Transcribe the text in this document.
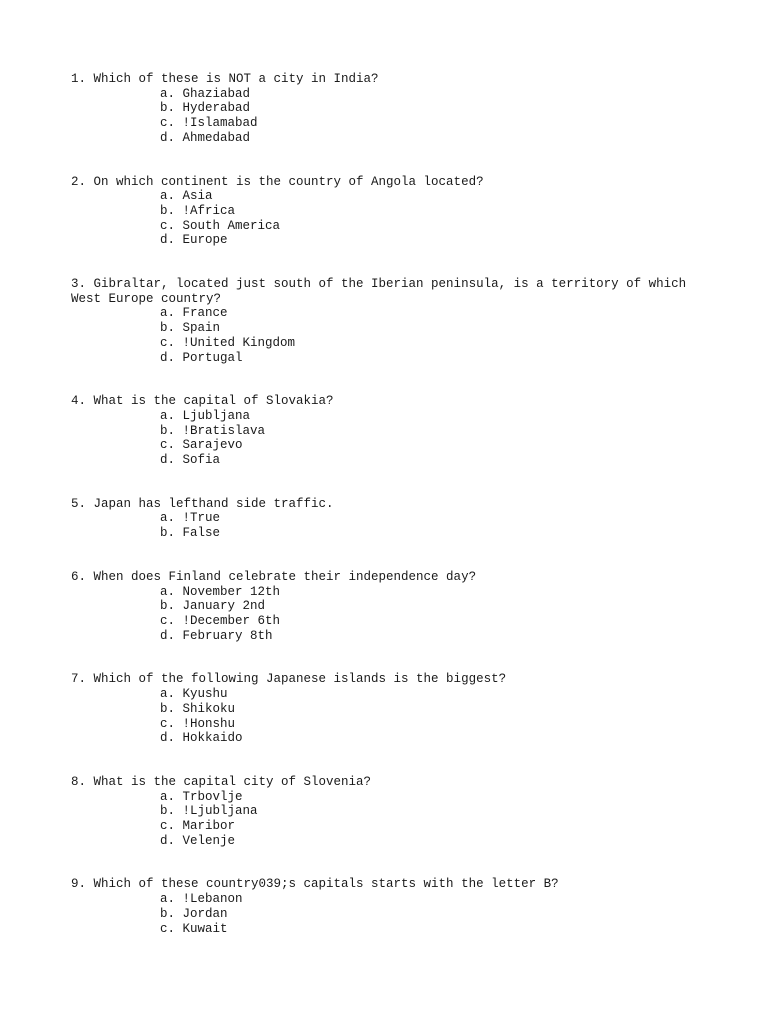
1. Which of these is NOT a city in India?

a. Ghaziabad
b. Hyderabad
c. !Islamabad
d. Ahmedabad

2. On which continent is the country of Angola located?

a. Asia
b. !Africa
c. South America
d. Europe

3. Gibraltar, located just south of the Iberian peninsula, is a territory of which
West Europe country?

a. France
b. Spain
c. !United Kingdom
d. Portugal

4. What is the capital of Slovakia?

a. Ljubljana
b. !Bratislava
c. Sarajevo
d. Sofia

5. Japan has lefthand side traffic.

a. !True
b. False

6. When does Finland celebrate their independence day?

a. November 12th
b. January 2nd
c. !December 6th
d. February 8th

7. Which of the following Japanese islands is the biggest?

a. Kyushu
b. Shikoku
c. !Honshu
d. Hokkaido

8. What is the capital city of Slovenia?

a. Trbovlje
b. !Ljubljana
c. Maribor
d. Velenje

9. Which of these country039;s capitals starts with the letter B?

a. !Lebanon
b. Jordan
c. Kuwait
